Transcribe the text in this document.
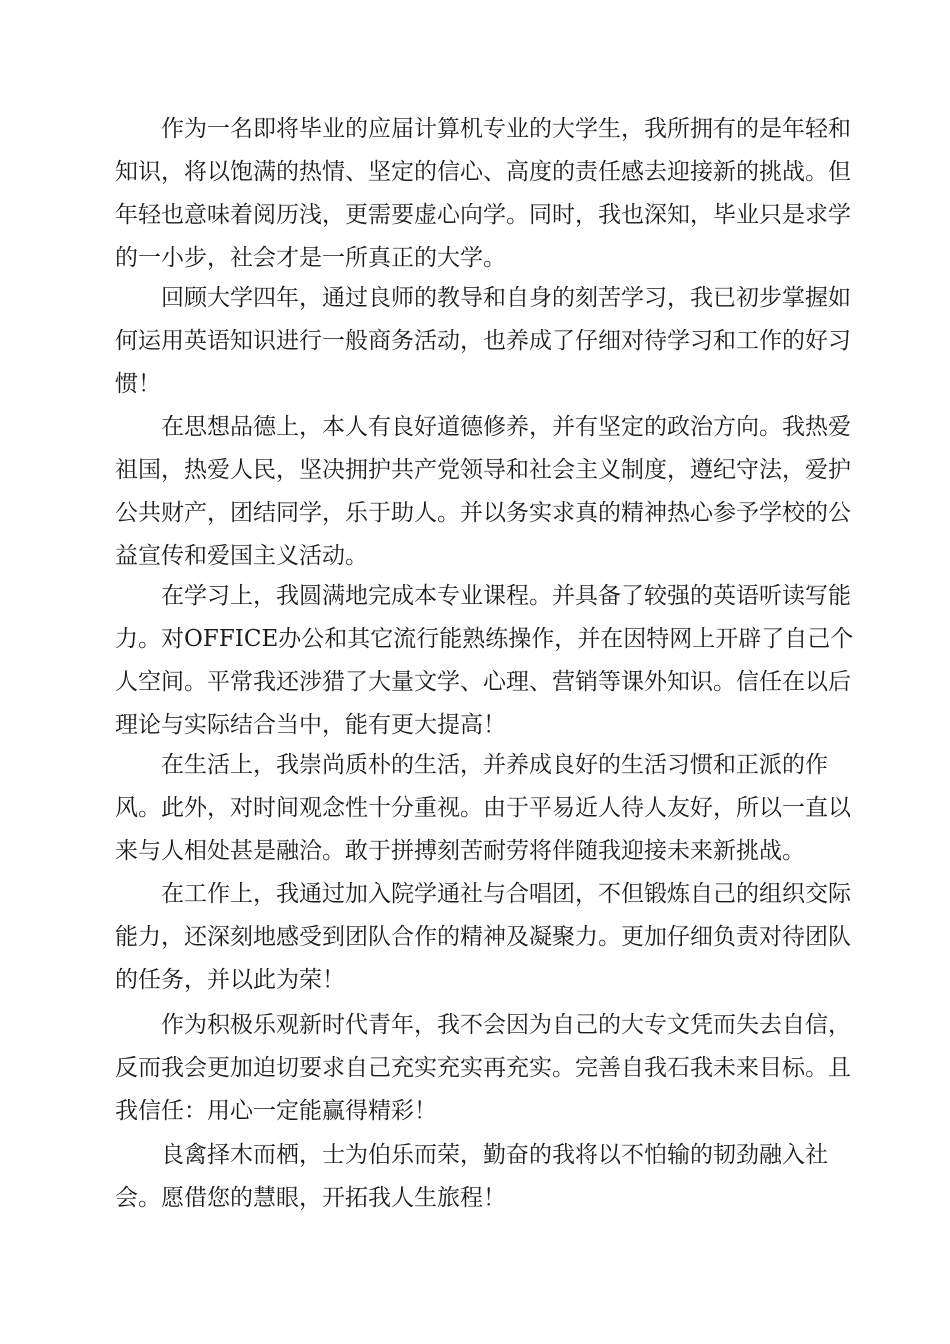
作为一名即将毕业的应届计算机专业的大学生，我所拥有的是年轻和
知识，将以饱满的热情、坚定的信心、高度的责任感去迎接新的挑战。但
年轻也意味着阅历浅，更需要虚心向学。同时，我也深知，毕业只是求学
的一小步，社会才是一所真正的大学。
回顾大学四年，通过良师的教导和自身的刻苦学习，我已初步掌握如
何运用英语知识进行一般商务活动，也养成了仔细对待学习和工作的好习
惯！
在思想品德上，本人有良好道德修养，并有坚定的政治方向。我热爱
祖国，热爱人民，坚决拥护共产党领导和社会主义制度，遵纪守法，爱护
公共财产，团结同学，乐于助人。并以务实求真的精神热心参予学校的公
益宣传和爱国主义活动。
在学习上，我圆满地完成本专业课程。并具备了较强的英语听读写能
力。对OFFICE办公和其它流行能熟练操作，并在因特网上开辟了自己个
人空间。平常我还涉猎了大量文学、心理、营销等课外知识。信任在以后
理论与实际结合当中，能有更大提高！
在生活上，我崇尚质朴的生活，并养成良好的生活习惯和正派的作
风。此外，对时间观念性十分重视。由于平易近人待人友好，所以一直以
来与人相处甚是融洽。敢于拼搏刻苦耐劳将伴随我迎接未来新挑战。
在工作上，我通过加入院学通社与合唱团，不但锻炼自己的组织交际
能力，还深刻地感受到团队合作的精神及凝聚力。更加仔细负责对待团队
的任务，并以此为荣！
作为积极乐观新时代青年，我不会因为自己的大专文凭而失去自信，
反而我会更加迫切要求自己充实充实再充实。完善自我石我未来目标。且
我信任：用心一定能赢得精彩！
良禽择木而栖，士为伯乐而荣，勤奋的我将以不怕输的韧劲融入社
会。愿借您的慧眼，开拓我人生旅程！
